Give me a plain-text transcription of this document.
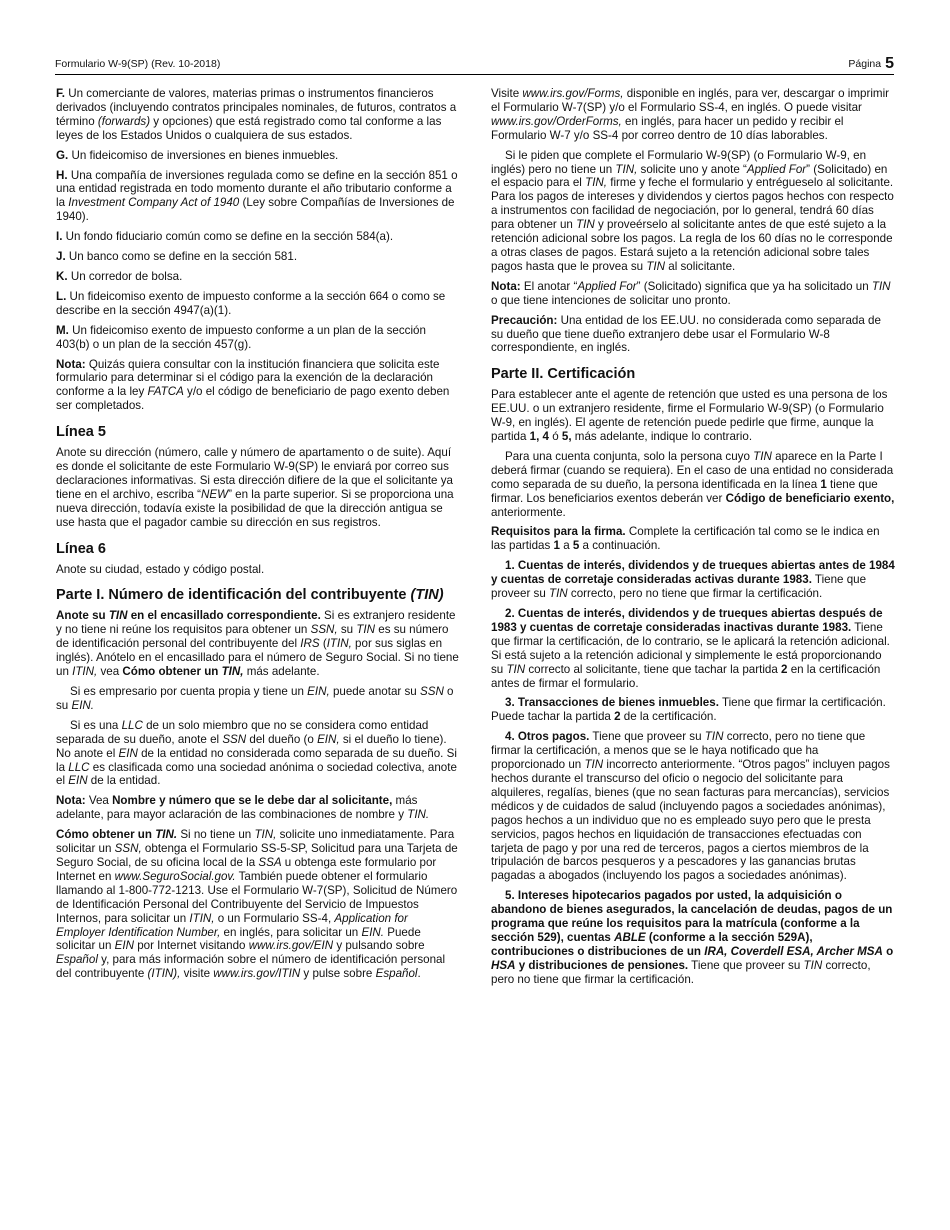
Formulario W-9(SP) (Rev. 10-2018)	Página 5

F. Un comerciante de valores, materias primas o instrumentos financieros derivados (incluyendo contratos principales nominales, de futuros, contratos a término (forwards) y opciones) que está registrado como tal conforme a las leyes de los Estados Unidos o cualquiera de sus estados.

G. Un fideicomiso de inversiones en bienes inmuebles.

H. Una compañía de inversiones regulada como se define en la sección 851 o una entidad registrada en todo momento durante el año tributario conforme a la Investment Company Act of 1940 (Ley sobre Compañías de Inversiones de 1940).

I. Un fondo fiduciario común como se define en la sección 584(a).

J. Un banco como se define en la sección 581.

K. Un corredor de bolsa.

L. Un fideicomiso exento de impuesto conforme a la sección 664 o como se describe en la sección 4947(a)(1).

M. Un fideicomiso exento de impuesto conforme a un plan de la sección 403(b) o un plan de la sección 457(g).

Nota: Quizás quiera consultar con la institución financiera que solicita este formulario para determinar si el código para la exención de la declaración conforme a la ley FATCA y/o el código de beneficiario de pago exento deben ser completados.

Línea 5

Anote su dirección (número, calle y número de apartamento o de suite). Aquí es donde el solicitante de este Formulario W-9(SP) le enviará por correo sus declaraciones informativas. Si esta dirección difiere de la que el solicitante ya tiene en el archivo, escriba “NEW” en la parte superior. Si se proporciona una nueva dirección, todavía existe la posibilidad de que la dirección antigua se use hasta que el pagador cambie su dirección en sus registros.

Línea 6

Anote su ciudad, estado y código postal.

Parte I. Número de identificación del contribuyente (TIN)

Anote su TIN en el encasillado correspondiente. Si es extranjero residente y no tiene ni reúne los requisitos para obtener un SSN, su TIN es su número de identificación personal del contribuyente del IRS (ITIN, por sus siglas en inglés). Anótelo en el encasillado para el número de Seguro Social. Si no tiene un ITIN, vea Cómo obtener un TIN, más adelante.

Si es empresario por cuenta propia y tiene un EIN, puede anotar su SSN o su EIN.

Si es una LLC de un solo miembro que no se considera como entidad separada de su dueño, anote el SSN del dueño (o EIN, si el dueño lo tiene). No anote el EIN de la entidad no considerada como separada de su dueño. Si la LLC es clasificada como una sociedad anónima o sociedad colectiva, anote el EIN de la entidad.

Nota: Vea Nombre y número que se le debe dar al solicitante, más adelante, para mayor aclaración de las combinaciones de nombre y TIN.

Cómo obtener un TIN. Si no tiene un TIN, solicite uno inmediatamente. Para solicitar un SSN, obtenga el Formulario SS-5-SP, Solicitud para una Tarjeta de Seguro Social, de su oficina local de la SSA u obtenga este formulario por Internet en www.SeguroSocial.gov. También puede obtener el formulario llamando al 1-800-772-1213. Use el Formulario W-7(SP), Solicitud de Número de Identificación Personal del Contribuyente del Servicio de Impuestos Internos, para solicitar un ITIN, o un Formulario SS-4, Application for Employer Identification Number, en inglés, para solicitar un EIN. Puede solicitar un EIN por Internet visitando www.irs.gov/EIN y pulsando sobre Español y, para más información sobre el número de identificación personal del contribuyente (ITIN), visite www.irs.gov/ITIN y pulse sobre Español.

Visite www.irs.gov/Forms, disponible en inglés, para ver, descargar o imprimir el Formulario W-7(SP) y/o el Formulario SS-4, en inglés. O puede visitar www.irs.gov/OrderForms, en inglés, para hacer un pedido y recibir el Formulario W-7 y/o SS-4 por correo dentro de 10 días laborables.

Si le piden que complete el Formulario W-9(SP) (o Formulario W-9, en inglés) pero no tiene un TIN, solicite uno y anote “Applied For” (Solicitado) en el espacio para el TIN, firme y feche el formulario y entrégueselo al solicitante. Para los pagos de intereses y dividendos y ciertos pagos hechos con respecto a instrumentos con facilidad de negociación, por lo general, tendrá 60 días para obtener un TIN y proveérselo al solicitante antes de que esté sujeto a la retención adicional sobre los pagos. La regla de los 60 días no le corresponde a otras clases de pagos. Estará sujeto a la retención adicional sobre tales pagos hasta que le provea su TIN al solicitante.

Nota: El anotar “Applied For” (Solicitado) significa que ya ha solicitado un TIN o que tiene intenciones de solicitar uno pronto.

Precaución: Una entidad de los EE.UU. no considerada como separada de su dueño que tiene dueño extranjero debe usar el Formulario W-8 correspondiente, en inglés.

Parte II. Certificación

Para establecer ante el agente de retención que usted es una persona de los EE.UU. o un extranjero residente, firme el Formulario W-9(SP) (o Formulario W-9, en inglés). El agente de retención puede pedirle que firme, aunque la partida 1, 4 ó 5, más adelante, indique lo contrario.

Para una cuenta conjunta, solo la persona cuyo TIN aparece en la Parte I deberá firmar (cuando se requiera). En el caso de una entidad no considerada como separada de su dueño, la persona identificada en la línea 1 tiene que firmar. Los beneficiarios exentos deberán ver Código de beneficiario exento, anteriormente.

Requisitos para la firma. Complete la certificación tal como se le indica en las partidas 1 a 5 a continuación.

1. Cuentas de interés, dividendos y de trueques abiertas antes de 1984 y cuentas de corretaje consideradas activas durante 1983. Tiene que proveer su TIN correcto, pero no tiene que firmar la certificación.

2. Cuentas de interés, dividendos y de trueques abiertas después de 1983 y cuentas de corretaje consideradas inactivas durante 1983. Tiene que firmar la certificación, de lo contrario, se le aplicará la retención adicional. Si está sujeto a la retención adicional y simplemente le está proporcionando su TIN correcto al solicitante, tiene que tachar la partida 2 en la certificación antes de firmar el formulario.

3. Transacciones de bienes inmuebles. Tiene que firmar la certificación. Puede tachar la partida 2 de la certificación.

4. Otros pagos. Tiene que proveer su TIN correcto, pero no tiene que firmar la certificación, a menos que se le haya notificado que ha proporcionado un TIN incorrecto anteriormente. “Otros pagos” incluyen pagos hechos durante el transcurso del oficio o negocio del solicitante para alquileres, regalías, bienes (que no sean facturas para mercancías), servicios médicos y de cuidados de salud (incluyendo pagos a sociedades anónimas), pagos hechos a un individuo que no es empleado suyo pero que le presta servicios, pagos hechos en liquidación de transacciones efectuadas con tarjeta de pago y por una red de terceros, pagos a ciertos miembros de la tripulación de barcos pesqueros y a pescadores y las ganancias brutas pagadas a abogados (incluyendo los pagos a sociedades anónimas).

5. Intereses hipotecarios pagados por usted, la adquisición o abandono de bienes asegurados, la cancelación de deudas, pagos de un programa que reúne los requisitos para la matrícula (conforme a la sección 529), cuentas ABLE (conforme a la sección 529A), contribuciones o distribuciones de un IRA, Coverdell ESA, Archer MSA o HSA y distribuciones de pensiones. Tiene que proveer su TIN correcto, pero no tiene que firmar la certificación.
